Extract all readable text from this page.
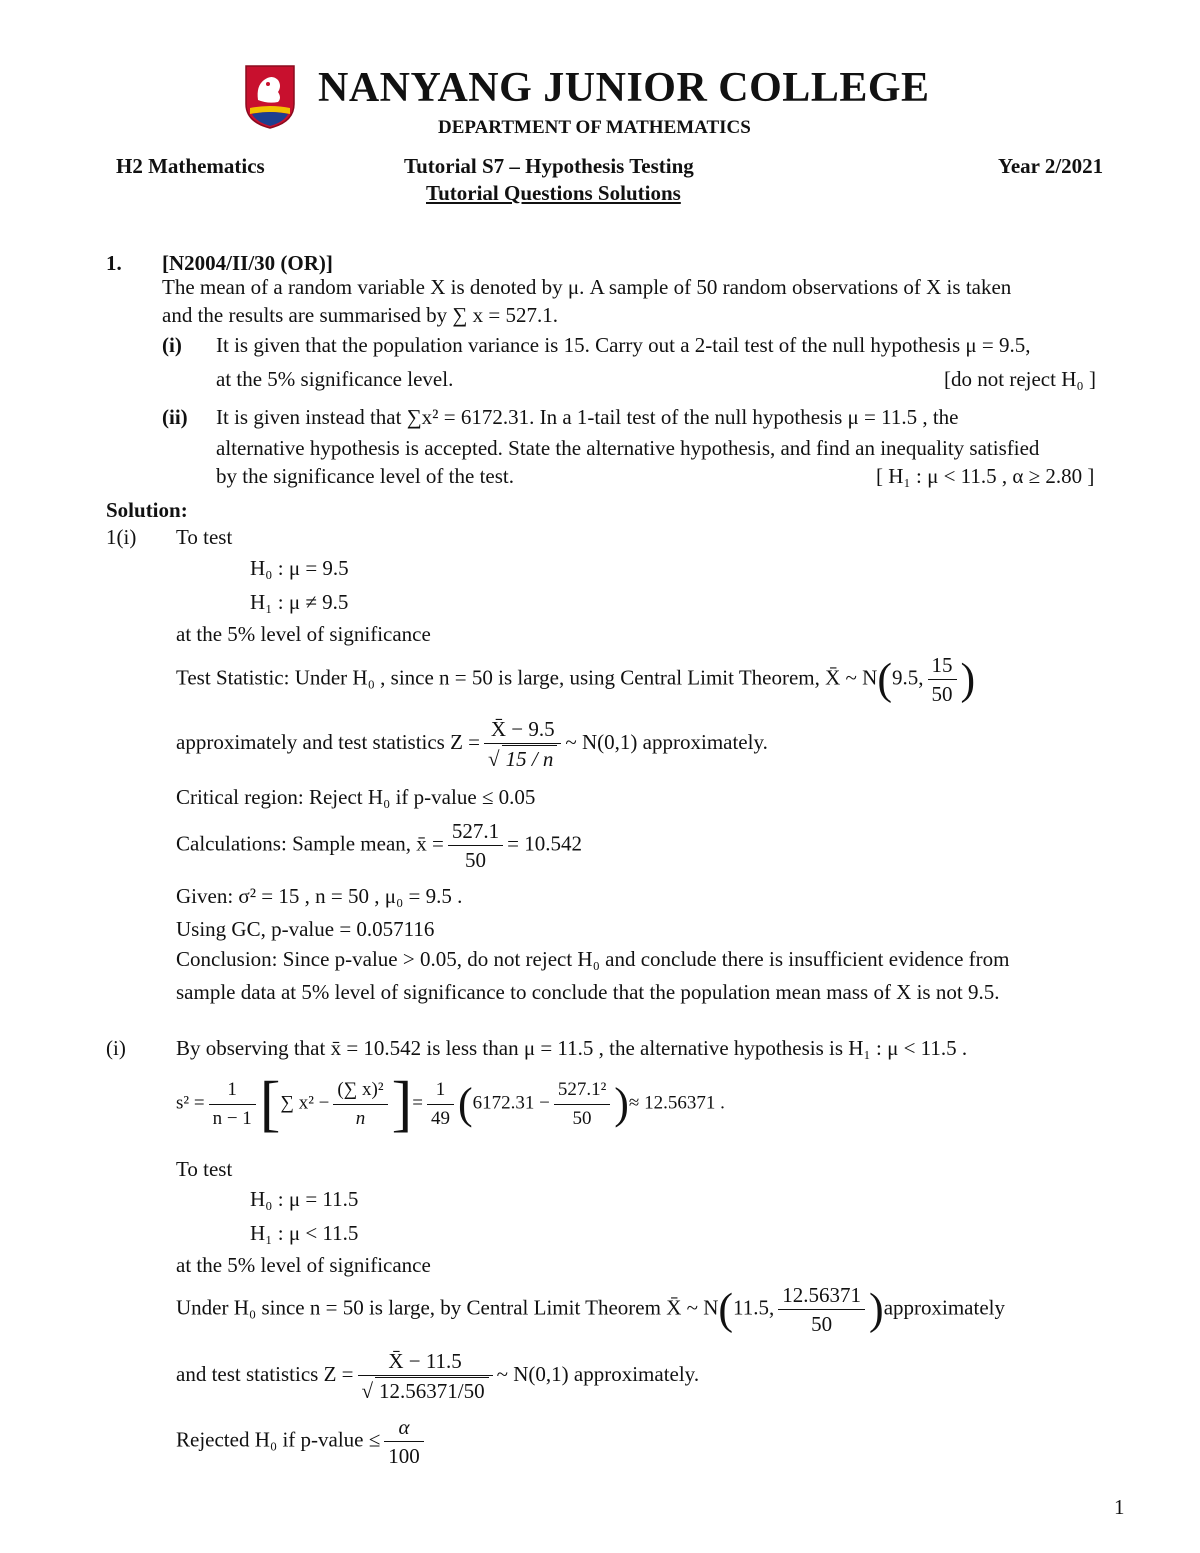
NANYANG JUNIOR COLLEGE
DEPARTMENT OF MATHEMATICS
H2 Mathematics	Tutorial S7 – Hypothesis Testing	Year 2/2021
Tutorial Questions Solutions
1. [N2004/II/30 (OR)]
The mean of a random variable X is denoted by μ. A sample of 50 random observations of X is taken
and the results are summarised by ∑ x = 527.1.
(i) It is given that the population variance is 15. Carry out a 2-tail test of the null hypothesis μ = 9.5,
at the 5% significance level.	[do not reject H₀ ]
(ii) It is given instead that ∑x² = 6172.31. In a 1-tail test of the null hypothesis μ = 11.5 , the
alternative hypothesis is accepted. State the alternative hypothesis, and find an inequality satisfied
by the significance level of the test.	[ H₁ : μ < 11.5 , α ≥ 2.80 ]
Solution:
1(i) To test
H₀ : μ = 9.5
H₁ : μ ≠ 9.5
at the 5% level of significance
Test Statistic: Under H₀ , since n = 50 is large, using Central Limit Theorem, X̄ ~ N(9.5, $\frac{15}{50}$ )
approximately and test statistics $Z = \frac{X̄ - 9.5}{√ 15 / n}$ ~ N(0,1) approximately.
Critical region: Reject H₀ if p-value ≤ 0.05
Calculations: Sample mean, x̄ = $\frac{527.1}{50} = 10.542$
Given: σ² = 15 , n = 50 , μ₀ = 9.5 .
Using GC, p-value = 0.057116
Conclusion: Since p-value > 0.05, do not reject H₀ and conclude there is insufficient evidence from
sample data at 5% level of significance to conclude that the population mean mass of X is not 9.5.
(i) By observing that x̄ = 10.542 is less than μ = 11.5 , the alternative hypothesis is H₁ : μ < 11.5 .
$s^2 = \frac{1}{n - 1}$ [∑ $x^2 - \frac{\text{(∑ x)²}}{n}$ ]= $\frac{1}{49} (6172.31 - \frac{\text{527.1²}}{50}$ )≈ 12.56371 .
To test
H₀ : μ = 11.5
H₁ : μ < 11.5
at the 5% level of significance
Under H₀ since n = 50 is large, by Central Limit Theorem X̄ ~ N(11.5, $\frac{12.56371}{50}$ )approximately
and test statistics $Z = \frac{X̄ - 11.5}{√ 12.56371/50}$ ~ N(0,1) approximately.
Rejected H₀ if p-value ≤ $\frac{\alpha}{100}$
1
